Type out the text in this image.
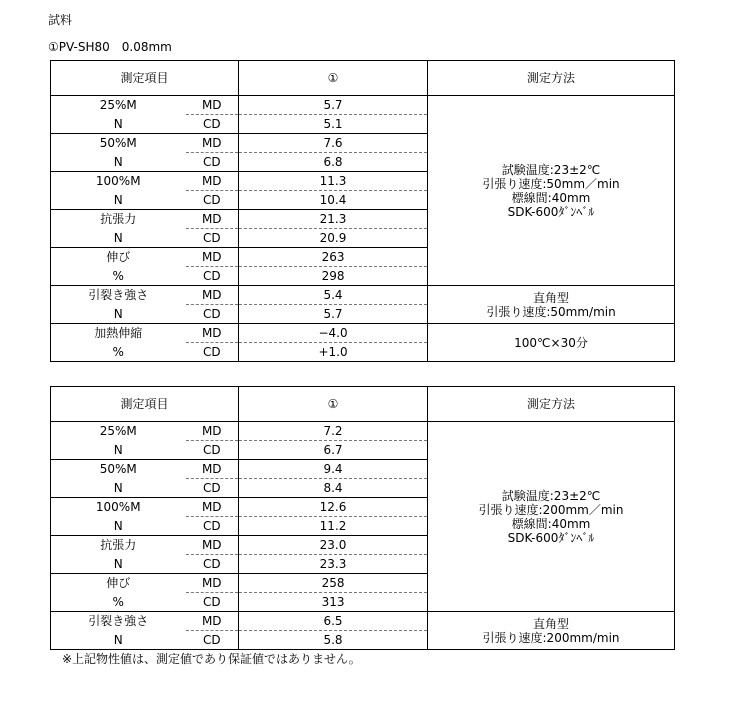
試料
①PV-SH80　0.08mm
測定項目		①	測定方法
25%M	MD	5.7	試験温度:23±2℃
引張り速度:50mm／min
標線間:40mm
SDK-600ﾀﾞﾝﾍﾞﾙ

N	CD	5.1	
50%M	MD	7.6	
N	CD	6.8	
100%M	MD	11.3	
N	CD	10.4	
抗張力	MD	21.3	
N	CD	20.9	
伸び	MD	263	
%	CD	298	
引裂き強さ	MD	5.4	直角型
引張り速度:50mm/min

N	CD	5.7	
加熱伸縮	MD	−4.0	100℃×30分

%	CD	+1.0	
測定項目		①	測定方法
25%M	MD	7.2	試験温度:23±2℃
引張り速度:200mm／min
標線間:40mm
SDK-600ﾀﾞﾝﾍﾞﾙ

N	CD	6.7	
50%M	MD	9.4	
N	CD	8.4	
100%M	MD	12.6	
N	CD	11.2	
抗張力	MD	23.0	
N	CD	23.3	
伸び	MD	258	
%	CD	313	
引裂き強さ	MD	6.5	直角型
引張り速度:200mm/min

N	CD	5.8	
※上記物性値は、測定値であり保証値ではありません。
